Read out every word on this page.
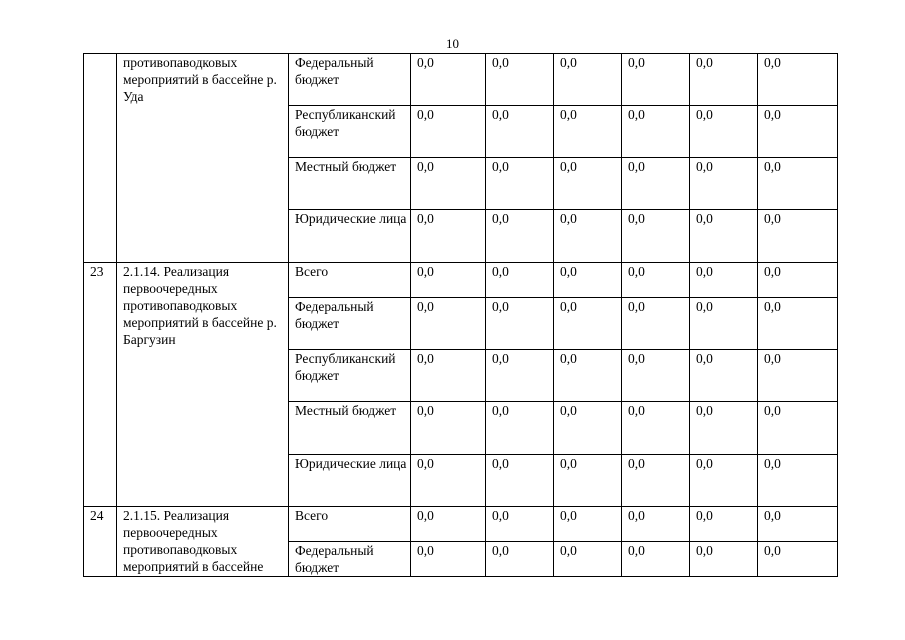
10
	противопаводковых мероприятий в бассейне р. Уда	Федеральный бюджет	0,0	0,0	0,0	0,0	0,0	0,0
		Республиканский бюджет	0,0	0,0	0,0	0,0	0,0	0,0
		Местный бюджет	0,0	0,0	0,0	0,0	0,0	0,0
		Юридические лица	0,0	0,0	0,0	0,0	0,0	0,0
23	2.1.14. Реализация первоочередных противопаводковых мероприятий в бассейне р. Баргузин	Всего	0,0	0,0	0,0	0,0	0,0	0,0
		Федеральный бюджет	0,0	0,0	0,0	0,0	0,0	0,0
		Республиканский бюджет	0,0	0,0	0,0	0,0	0,0	0,0
		Местный бюджет	0,0	0,0	0,0	0,0	0,0	0,0
		Юридические лица	0,0	0,0	0,0	0,0	0,0	0,0
24	2.1.15. Реализация первоочередных противопаводковых мероприятий в бассейне	Всего	0,0	0,0	0,0	0,0	0,0	0,0
		Федеральный бюджет	0,0	0,0	0,0	0,0	0,0	0,0
